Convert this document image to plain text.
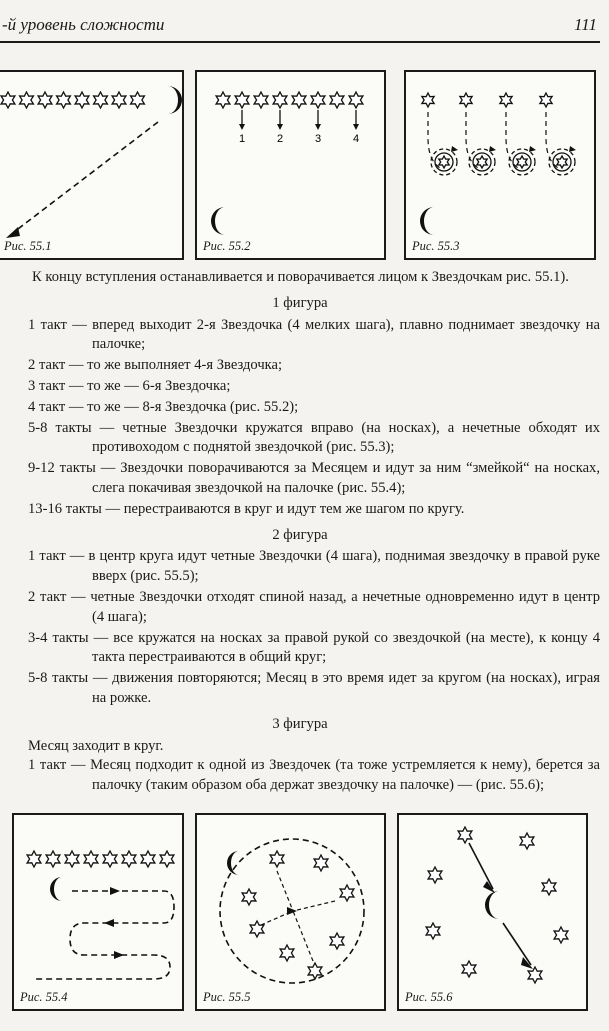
-й уровень сложности	111
Рис. 55.1
1	2	3	4
Рис. 55.2	Рис. 55.3

К концу вступления останавливается и поворачивается лицом к Звездочкам рис. 55.1).

1 фигура

1 такт — вперед выходит 2-я Звездочка (4 мелких шага), плавно поднимает звездочку на палочке;

2 такт — то же выполняет 4-я Звездочка;

3 такт — то же — 6-я Звездочка;

4 такт — то же — 8-я Звездочка (рис. 55.2);

5-8 такты — четные Звездочки кружатся вправо (на носках), а нечетные обходят их противоходом с поднятой звездочкой (рис. 55.3);

9-12 такты — Звездочки поворачиваются за Месяцем и идут за ним “змейкой“ на носках, слега покачивая звездочкой на палочке (рис. 55.4);

13-16 такты — перестраиваются в круг и идут тем же шагом по кругу.

2 фигура

1 такт — в центр круга идут четные Звездочки (4 шага), поднимая звездочку в правой руке вверх (рис. 55.5);

2 такт — четные Звездочки отходят спиной назад, а нечетные одновременно идут в центр (4 шага);

3-4 такты — все кружатся на носках за правой рукой со звездочкой (на месте), к концу 4 такта перестраиваются в общий круг;

5-8 такты — движения повторяются; Месяц в это время идет за кругом (на носках), играя на рожке.

3 фигура

Месяц заходит в круг.

1 такт — Месяц подходит к одной из Звездочек (та тоже устремляется к нему), берется за палочку (таким образом оба держат звездочку на палочке) — (рис. 55.6);

Рис. 55.4	Рис. 55.5	Рис. 55.6
